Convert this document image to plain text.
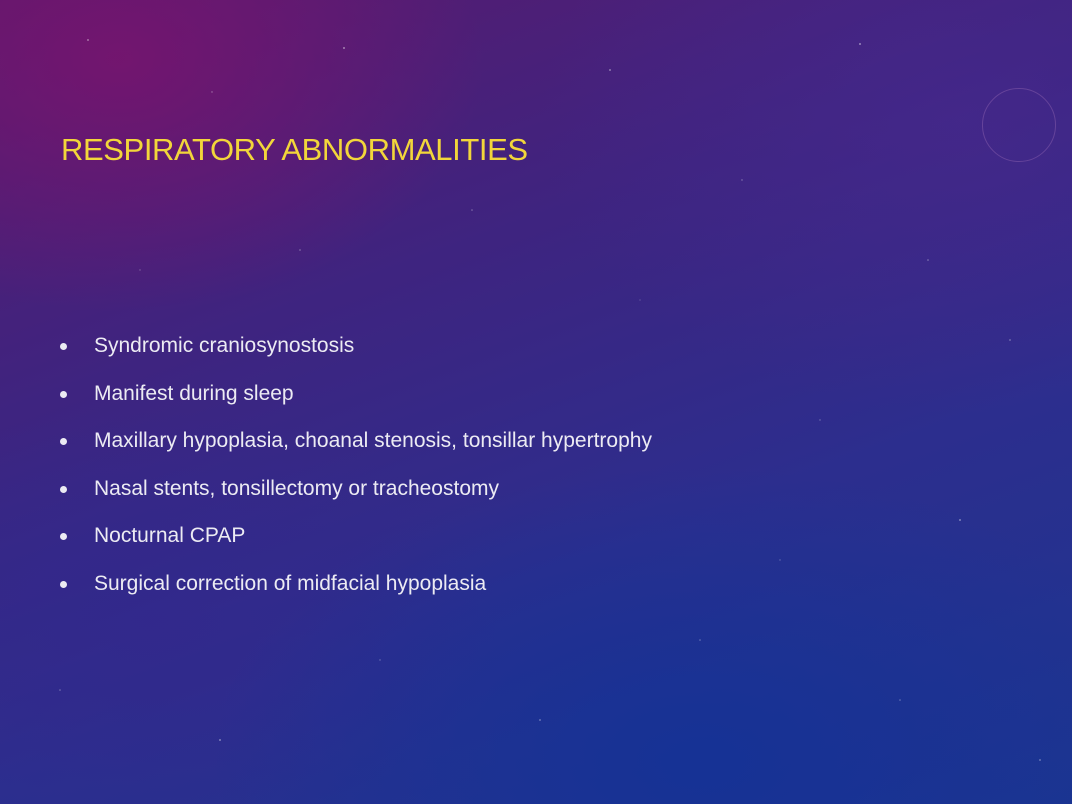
RESPIRATORY ABNORMALITIES
Syndromic craniosynostosis
Manifest during sleep
Maxillary hypoplasia, choanal stenosis, tonsillar hypertrophy
Nasal stents, tonsillectomy or tracheostomy
Nocturnal CPAP
Surgical correction of midfacial hypoplasia
